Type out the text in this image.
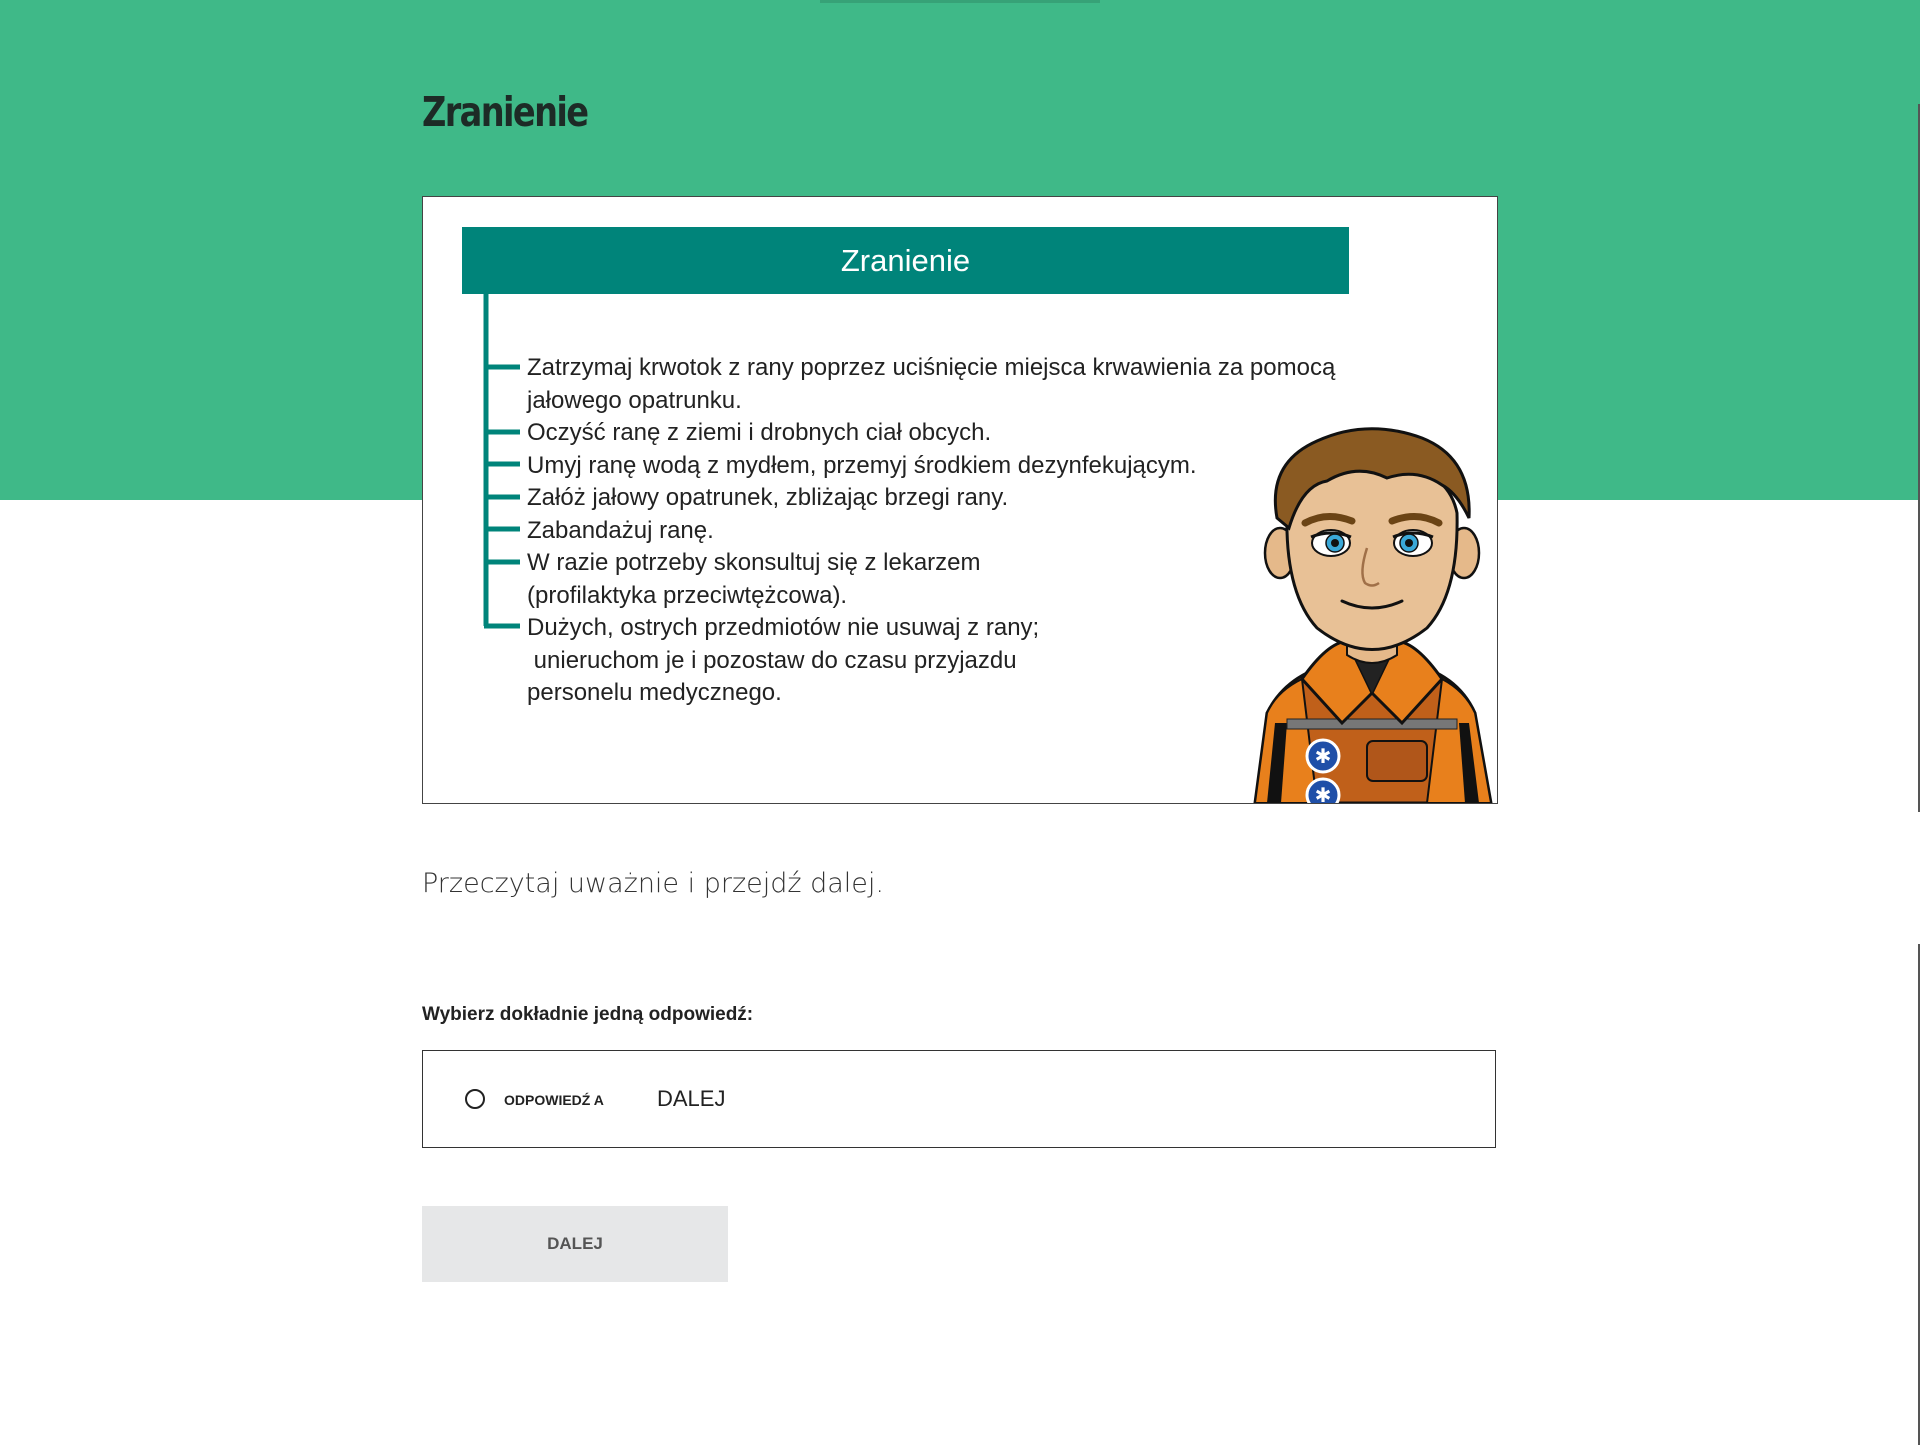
Zranienie
Zranienie
Zatrzymaj krwotok z rany poprzez uciśnięcie miejsca krwawienia za pomocą
jałowego opatrunku.
Oczyść ranę z ziemi i drobnych ciał obcych.
Umyj ranę wodą z mydłem, przemyj środkiem dezynfekującym.
Załóż jałowy opatrunek, zbliżając brzegi rany.
Zabandażuj ranę.
W razie potrzeby skonsultuj się z lekarzem
(profilaktyka przeciwtężcowa).
Dużych, ostrych przedmiotów nie usuwaj z rany;
unieruchom je i pozostaw do czasu przyjazdu
personelu medycznego.
✱
✱

Przeczytaj uważnie i przejdź dalej.

Wybierz dokładnie jedną odpowiedź:

ODPOWIEDŹ A DALEJ
DALEJ
